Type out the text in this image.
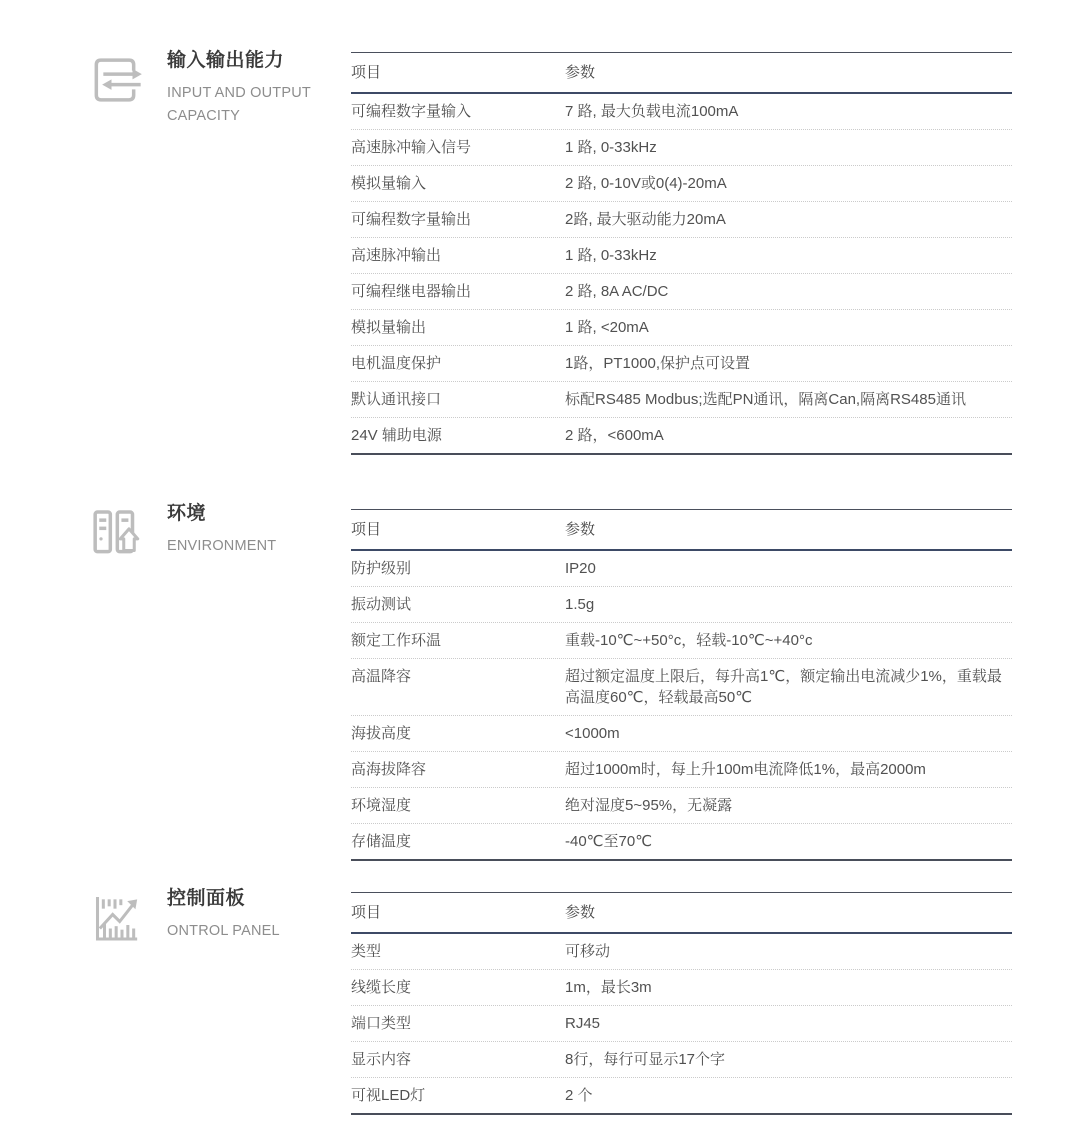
输入输出能力
INPUT AND OUTPUT CAPACITY
项目	参数
可编程数字量输入	7 路, 最大负载电流100mA
高速脉冲输入信号	1 路, 0-33kHz
模拟量输入	2 路, 0-10V或0(4)-20mA
可编程数字量输出	2路, 最大驱动能力20mA
高速脉冲输出	1 路, 0-33kHz
可编程继电器输出	2 路, 8A AC/DC
模拟量输出	1 路, <20mA
电机温度保护	1路，PT1000,保护点可设置
默认通讯接口	标配RS485 Modbus;选配PN通讯，隔离Can,隔离RS485通讯
24V 辅助电源	2 路，<600mA
环境
ENVIRONMENT
项目	参数
防护级别	IP20
振动测试	1.5g
额定工作环温	重载-10℃~+50°c，轻载-10℃~+40°c
高温降容	超过额定温度上限后，每升高1℃，额定输出电流减少1%，重载最高温度60℃，轻载最高50℃
海拔高度	<1000m
高海拔降容	超过1000m时，每上升100m电流降低1%，最高2000m
环境湿度	绝对湿度5~95%，无凝露
存储温度	-40℃至70℃
控制面板
ONTROL PANEL
项目	参数
类型	可移动
线缆长度	1m，最长3m
端口类型	RJ45
显示内容	8行，每行可显示17个字
可视LED灯	2 个
